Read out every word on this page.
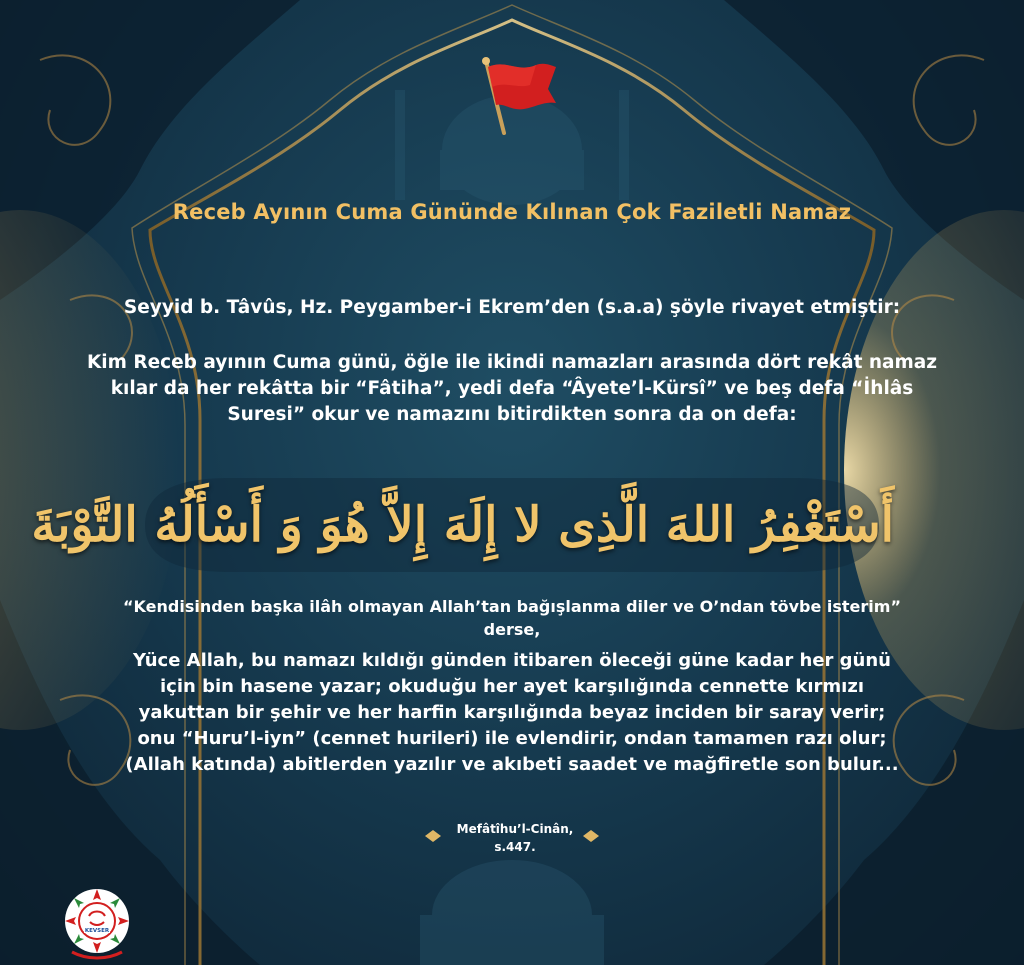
Receb Ayının Cuma Gününde Kılınan Çok Faziletli Namaz
Seyyid b. Tâvûs, Hz. Peygamber-i Ekrem’den (s.a.a) şöyle rivayet etmiştir:
Kim Receb ayının Cuma günü, öğle ile ikindi namazları arasında dört rekât namaz kılar da her rekâtta bir “Fâtiha”, yedi defa “Âyete’l-Kürsî” ve beş defa “İhlâs Suresi” okur ve namazını bitirdikten sonra da on defa:
أَسْتَغْفِرُ اللهَ الَّذِى لا إِلَهَ إِلاَّ هُوَ وَ أَسْأَلُهُ التَّوْبَةَ
“Kendisinden başka ilâh olmayan Allah’tan bağışlanma diler ve O’ndan tövbe isterim”
derse,
Yüce Allah, bu namazı kıldığı günden itibaren öleceği güne kadar her günü için bin hasene yazar; okuduğu her ayet karşılığında cennette kırmızı yakuttan bir şehir ve her harfin karşılığında beyaz inciden bir saray verir; onu “Huru’l-iyn” (cennet hurileri) ile evlendirir, ondan tamamen razı olur; (Allah katında) abitlerden yazılır ve akıbeti saadet ve mağfiretle son bulur...
Mefâtîhu’l-Cinân,
s.447.
KEVSER
